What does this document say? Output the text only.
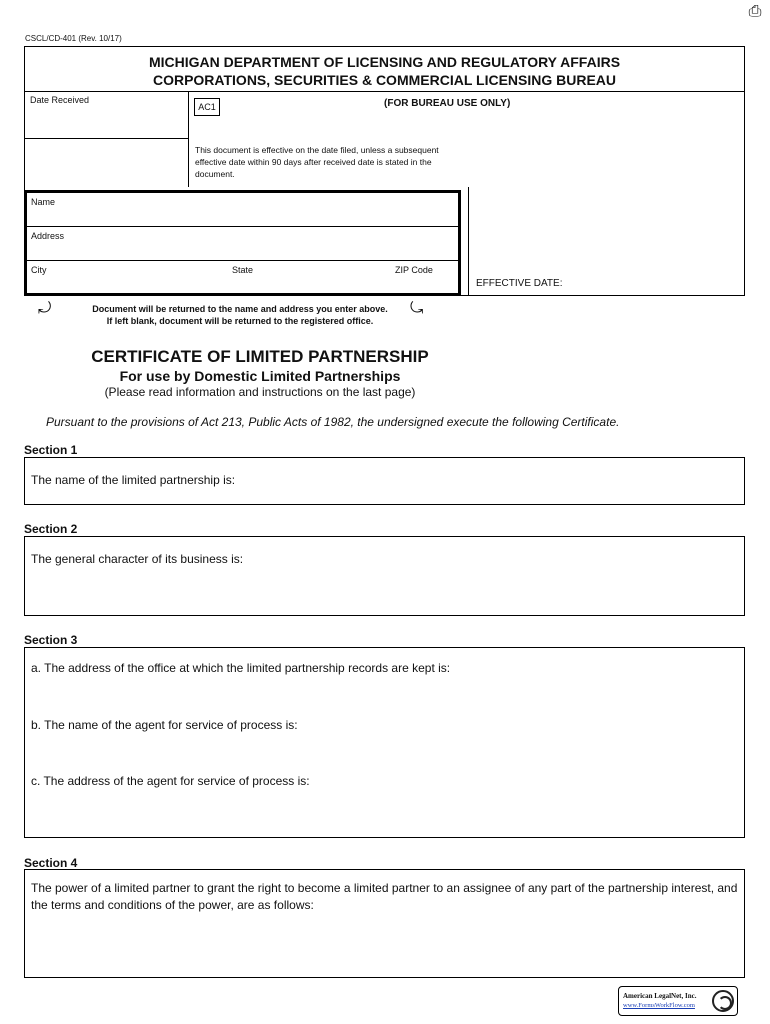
⎙
CSCL/CD-401 (Rev. 10/17)
MICHIGAN DEPARTMENT OF LICENSING AND REGULATORY AFFAIRS
CORPORATIONS, SECURITIES & COMMERCIAL LICENSING BUREAU
Date Received
AC1	(FOR BUREAU USE ONLY)
This document is effective on the date filed, unless a subsequent effective date within 90 days after received date is stated in the document.
Name
Address
City	State	ZIP Code
EFFECTIVE DATE:
⤾	Document will be returned to the name and address you enter above.
If left blank, document will be returned to the registered office.
⤿
CERTIFICATE OF LIMITED PARTNERSHIP
For use by Domestic Limited Partnerships
(Please read information and instructions on the last page)
Pursuant to the provisions of Act 213, Public Acts of 1982, the undersigned execute the following Certificate.
Section 1
The name of the limited partnership is:
Section 2
The general character of its business is:
Section 3
a. The address of the office at which the limited partnership records are kept is:
b. The name of the agent for service of process is:
c. The address of the agent for service of process is:
Section 4
The power of a limited partner to grant the right to become a limited partner to an assignee of any part of the partnership interest, and the terms and conditions of the power, are as follows:
American LegalNet, Inc.
www.FormsWorkFlow.com
